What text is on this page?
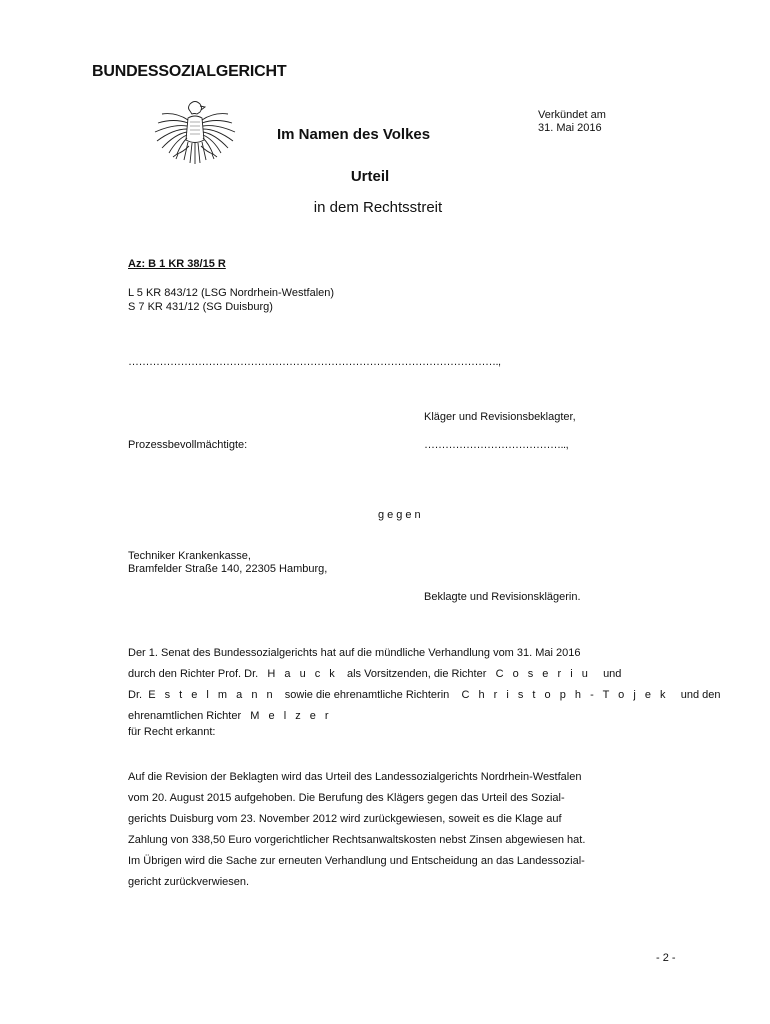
BUNDESSOZIALGERICHT
Verkündet am
31. Mai 2016
Im Namen des Volkes
Urteil
in dem Rechtsstreit
Az: B 1 KR 38/15 R
L 5 KR 843/12 (LSG Nordrhein-Westfalen)
S 7 KR 431/12 (SG Duisburg)
…………………………………………………………………………………………….,
Kläger und Revisionsbeklagter,
Prozessbevollmächtigte:	…………………………………..,
gegen
Techniker Krankenkasse,
Bramfelder Straße 140, 22305 Hamburg,
Beklagte und Revisionsklägerin.
Der 1. Senat des Bundessozialgerichts hat auf die mündliche Verhandlung vom 31. Mai 2016
durch den Richter Prof. Dr. H a u c k als Vorsitzenden, die Richter C o s e r i u und
Dr. E s t e l m a n n sowie die ehrenamtliche Richterin C h r i s t o p h - T o j e k und den
ehrenamtlichen Richter M e l z e r
für Recht erkannt:
Auf die Revision der Beklagten wird das Urteil des Landessozialgerichts Nordrhein-Westfalen
vom 20. August 2015 aufgehoben. Die Berufung des Klägers gegen das Urteil des Sozial-
gerichts Duisburg vom 23. November 2012 wird zurückgewiesen, soweit es die Klage auf
Zahlung von 338,50 Euro vorgerichtlicher Rechtsanwaltskosten nebst Zinsen abgewiesen hat.
Im Übrigen wird die Sache zur erneuten Verhandlung und Entscheidung an das Landessozial-
gericht zurückverwiesen.
- 2 -
